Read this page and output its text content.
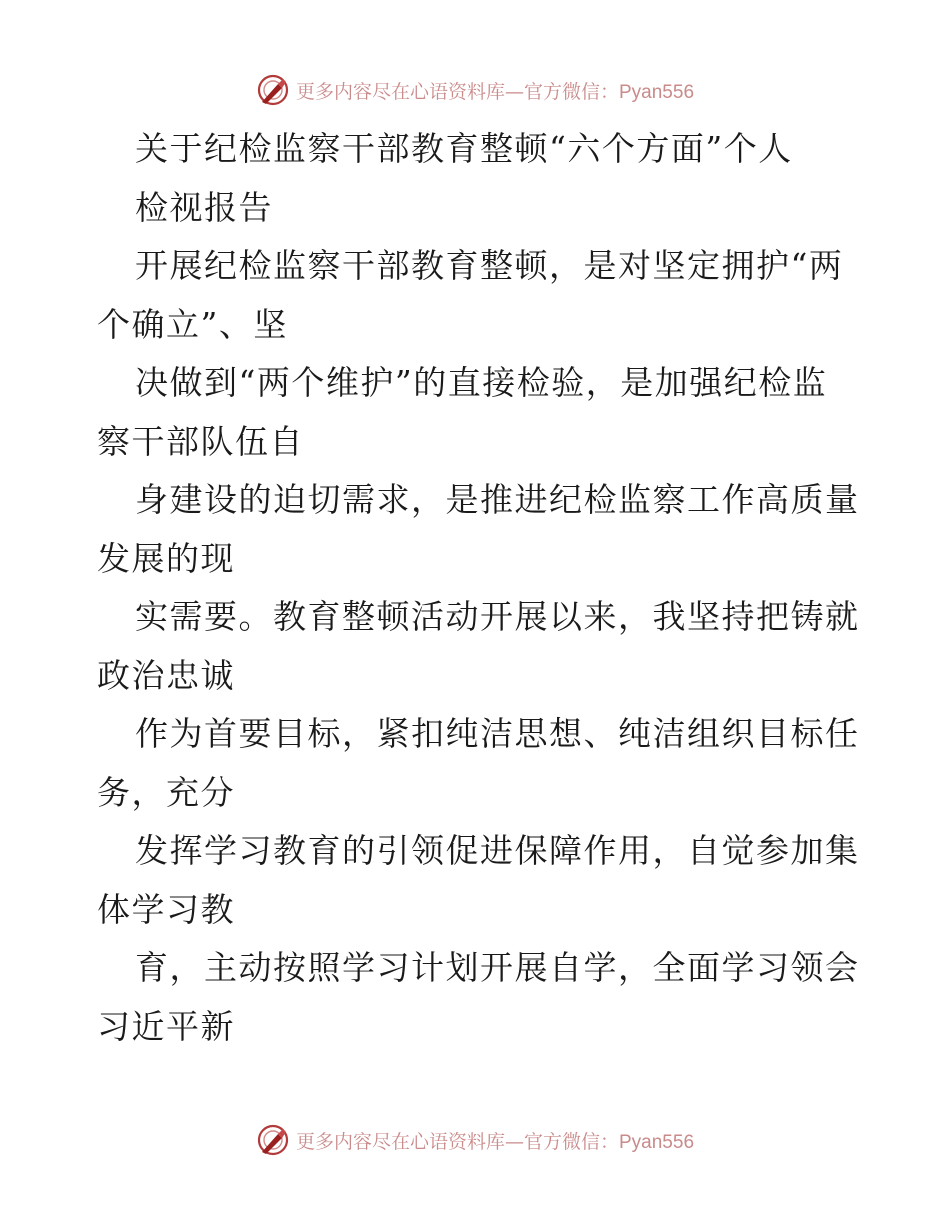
更多内容尽在心语资料库—官方微信：Pyan556
关于纪检监察干部教育整顿“六个方面”个人
检视报告
开展纪检监察干部教育整顿，是对坚定拥护“两
个确立”、坚
决做到“两个维护”的直接检验，是加强纪检监
察干部队伍自
身建设的迫切需求，是推进纪检监察工作高质量
发展的现
实需要。教育整顿活动开展以来，我坚持把铸就
政治忠诚
作为首要目标，紧扣纯洁思想、纯洁组织目标任
务，充分
发挥学习教育的引领促进保障作用，自觉参加集
体学习教
育，主动按照学习计划开展自学，全面学习领会
习近平新
更多内容尽在心语资料库—官方微信：Pyan556
